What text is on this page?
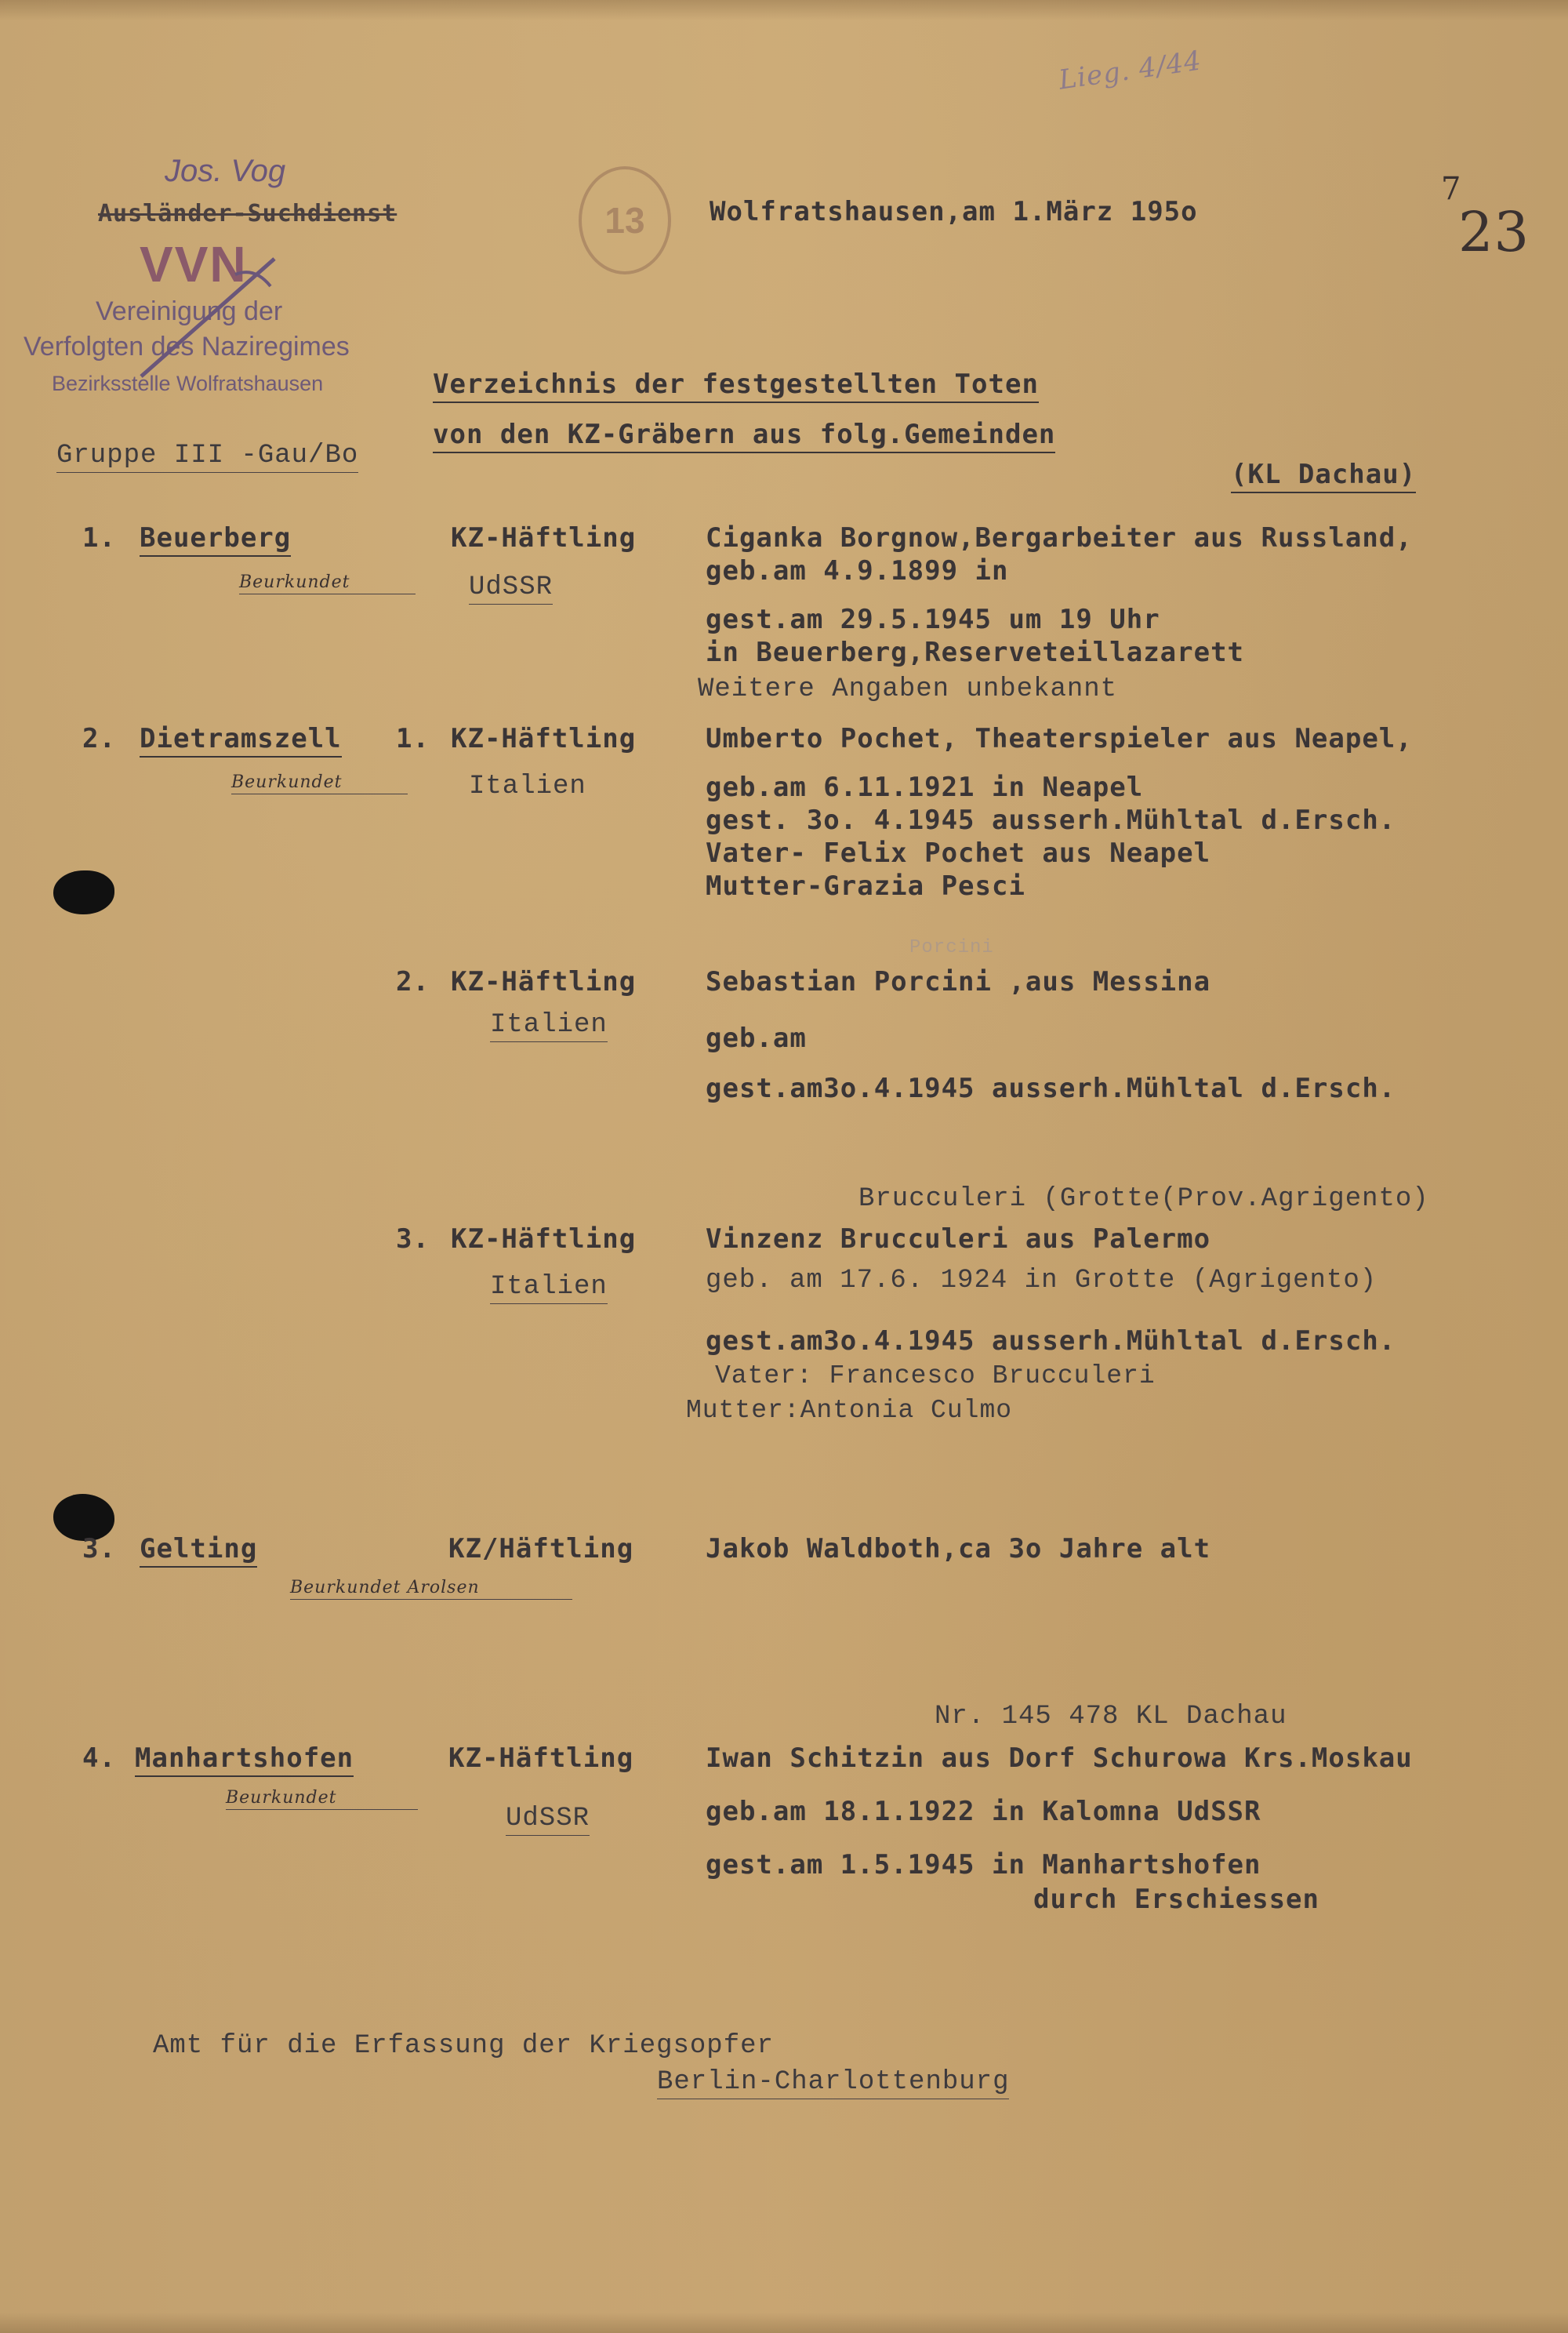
Jos. Vog
Ausländer-Suchdienst
VVN
Vereinigung der
Verfolgten des Naziregimes
Bezirksstelle Wolfratshausen
Gruppe III -Gau/Bo
13
Lieg. 4/44
Wolfratshausen,am 1.März 195o
7
23
Verzeichnis der festgestellten Toten
von den KZ-Gräbern aus folg.Gemeinden
(KL Dachau)
1. Beuerberg
Beurkundet
KZ-Häftling
UdSSR
Ciganka Borgnow,Bergarbeiter aus Russland,
geb.am 4.9.1899 in
gest.am 29.5.1945 um 19 Uhr
in Beuerberg,Reserveteillazarett
Weitere Angaben unbekannt
2. Dietramszell 1.
Beurkundet
KZ-Häftling
Italien
Umberto Pochet, Theaterspieler aus Neapel,
geb.am 6.11.1921 in Neapel
gest. 3o. 4.1945 ausserh.Mühltal d.Ersch.
Vater- Felix Pochet aus Neapel
Mutter-Grazia Pesci
Porcini
2. KZ-Häftling
Italien
Sebastian Porcini ,aus Messina
geb.am
gest.am3o.4.1945 ausserh.Mühltal d.Ersch.
Brucculeri (Grotte(Prov.Agrigento)
3. KZ-Häftling
Italien
Vinzenz Brucculeri aus Palermo
geb. am 17.6. 1924 in Grotte (Agrigento)
gest.am3o.4.1945 ausserh.Mühltal d.Ersch.
Vater: Francesco Brucculeri
Mutter:Antonia Culmo
3. Gelting
Beurkundet Arolsen
KZ/Häftling	Jakob Waldboth,ca 3o Jahre alt
Nr. 145 478 KL Dachau
4. Manhartshofen
Beurkundet
KZ-Häftling
UdSSR
Iwan Schitzin aus Dorf Schurowa Krs.Moskau
geb.am 18.1.1922 in Kalomna UdSSR
gest.am 1.5.1945 in Manhartshofen
durch Erschiessen
Amt für die Erfassung der Kriegsopfer
Berlin-Charlottenburg
